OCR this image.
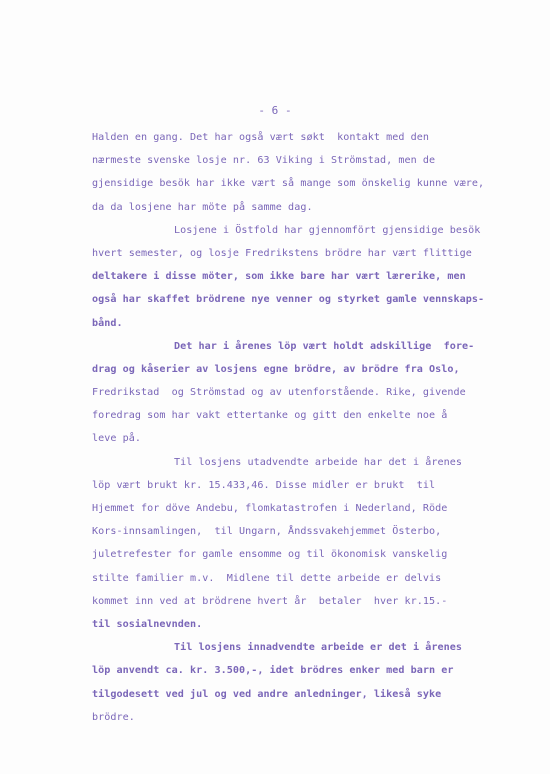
- 6 -
Halden en gang. Det har også vært søkt  kontakt med den
nærmeste svenske losje nr. 63 Viking i Strömstad, men de
gjensidige besök har ikke vært så mange som önskelig kunne være,
da da losjene har möte på samme dag.
Losjene i Östfold har gjennomfört gjensidige besök
hvert semester, og losje Fredrikstens brödre har vært flittige
deltakere i disse möter, som ikke bare har vært lærerike, men
også har skaffet brödrene nye venner og styrket gamle vennskaps-
bånd.
Det har i årenes löp vært holdt adskillige  fore-
drag og kåserier av losjens egne brödre, av brödre fra Oslo,
Fredrikstad  og Strömstad og av utenforstående. Rike, givende
foredrag som har vakt ettertanke og gitt den enkelte noe å
leve på.
Til losjens utadvendte arbeide har det i årenes
löp vært brukt kr. 15.433,46. Disse midler er brukt  til
Hjemmet for döve Andebu, flomkatastrofen i Nederland, Röde
Kors-innsamlingen,  til Ungarn, Åndssvakehjemmet Österbo,
juletrefester for gamle ensomme og til ökonomisk vanskelig
stilte familier m.v.  Midlene til dette arbeide er delvis
kommet inn ved at brödrene hvert år  betaler  hver kr.15.-
til sosialnevnden.
Til losjens innadvendte arbeide er det i årenes
löp anvendt ca. kr. 3.500,-, idet brödres enker med barn er
tilgodesett ved jul og ved andre anledninger, likeså syke
brödre.
